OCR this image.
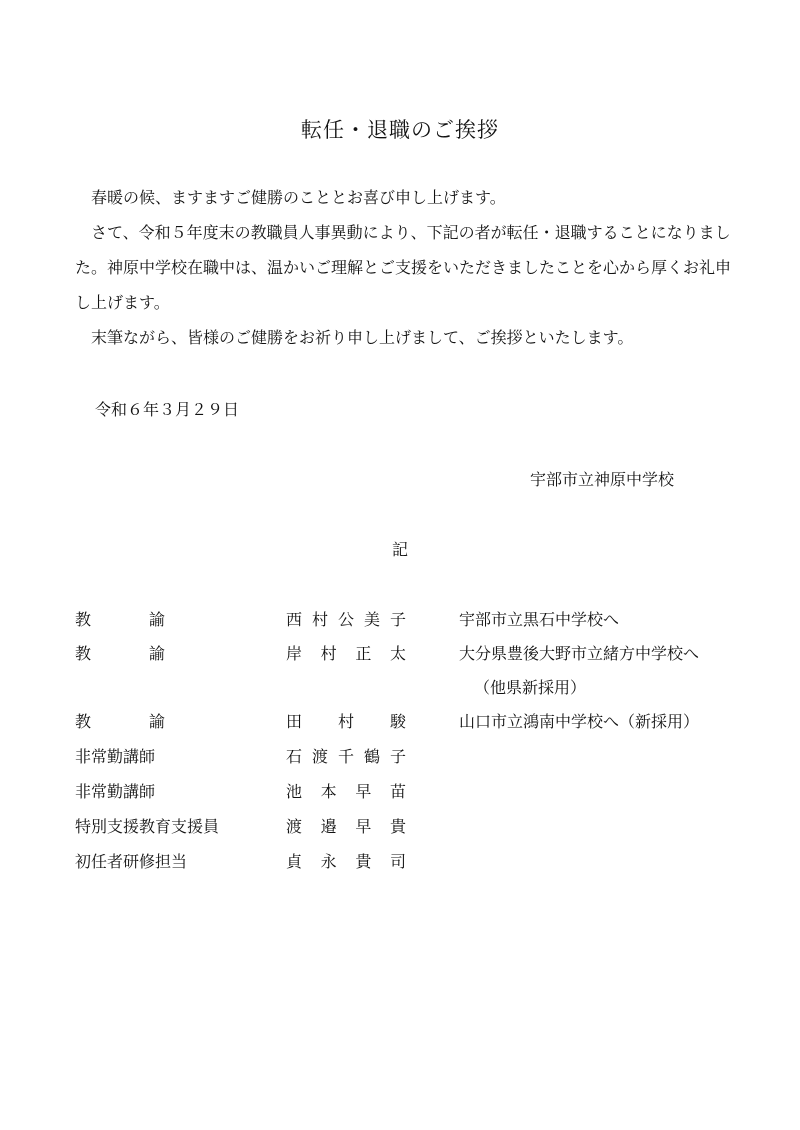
転任・退職のご挨拶
春暖の候、ますますご健勝のこととお喜び申し上げます。
さて、令和５年度末の教職員人事異動により、下記の者が転任・退職することになりました。神原中学校在職中は、温かいご理解とご支援をいただきましたことを心から厚くお礼申し上げます。
末筆ながら、皆様のご健勝をお祈り申し上げまして、ご挨拶といたします。
令和６年３月２９日
宇部市立神原中学校
記
教諭	西村公美子	宇部市立黒石中学校へ
教諭	岸村正太	大分県豊後大野市立緒方中学校へ
（他県新採用）
教諭	田村駿	山口市立鴻南中学校へ（新採用）
非常勤講師	石渡千鶴子
非常勤講師	池本早苗
特別支援教育支援員	渡邉早貴
初任者研修担当	貞永貴司
